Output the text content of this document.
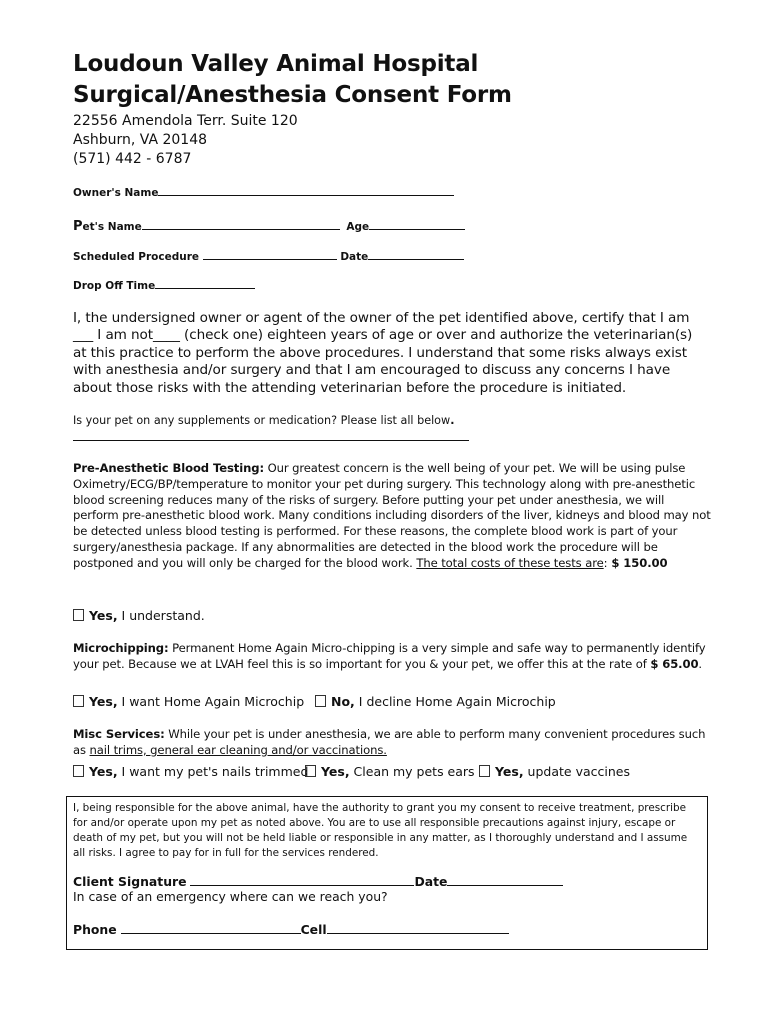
Loudoun Valley Animal Hospital
Surgical/Anesthesia Consent Form
22556 Amendola Terr. Suite 120
Ashburn, VA 20148
(571) 442 - 6787
Owner's Name
Pet's Name	Age
Scheduled Procedure	Date
Drop Off Time
I, the undersigned owner or agent of the owner of the pet identified above, certify that I am
___ I am not____ (check one) eighteen years of age or over and authorize the veterinarian(s)
at this practice to perform the above procedures. I understand that some risks always exist
with anesthesia and/or surgery and that I am encouraged to discuss any concerns I have
about those risks with the attending veterinarian before the procedure is initiated.
Is your pet on any supplements or medication? Please list all below.
Pre-Anesthetic Blood Testing: Our greatest concern is the well being of your pet. We will be using pulse Oximetry/ECG/BP/temperature to monitor your pet during surgery. This technology along with pre-anesthetic blood screening reduces many of the risks of surgery. Before putting your pet under anesthesia, we will perform pre-anesthetic blood work. Many conditions including disorders of the liver, kidneys and blood may not be detected unless blood testing is performed. For these reasons, the complete blood work is part of your surgery/anesthesia package. If any abnormalities are detected in the blood work the procedure will be postponed and you will only be charged for the blood work. The total costs of these tests are: $ 150.00
Yes, I understand.
Microchipping: Permanent Home Again Micro-chipping is a very simple and safe way to permanently identify your pet. Because we at LVAH feel this is so important for you & your pet, we offer this at the rate of $ 65.00.
Yes, I want Home Again Microchip	No, I decline Home Again Microchip
Misc Services: While your pet is under anesthesia, we are able to perform many convenient procedures such as nail trims, general ear cleaning and/or vaccinations.
Yes, I want my pet's nails trimmed	Yes, Clean my pets ears	Yes, update vaccines
I, being responsible for the above animal, have the authority to grant you my consent to receive treatment, prescribe for and/or operate upon my pet as noted above. You are to use all responsible precautions against injury, escape or death of my pet, but you will not be held liable or responsible in any matter, as I thoroughly understand and I assume all risks. I agree to pay for in full for the services rendered.
Client Signature	Date
In case of an emergency where can we reach you?
Phone	Cell
